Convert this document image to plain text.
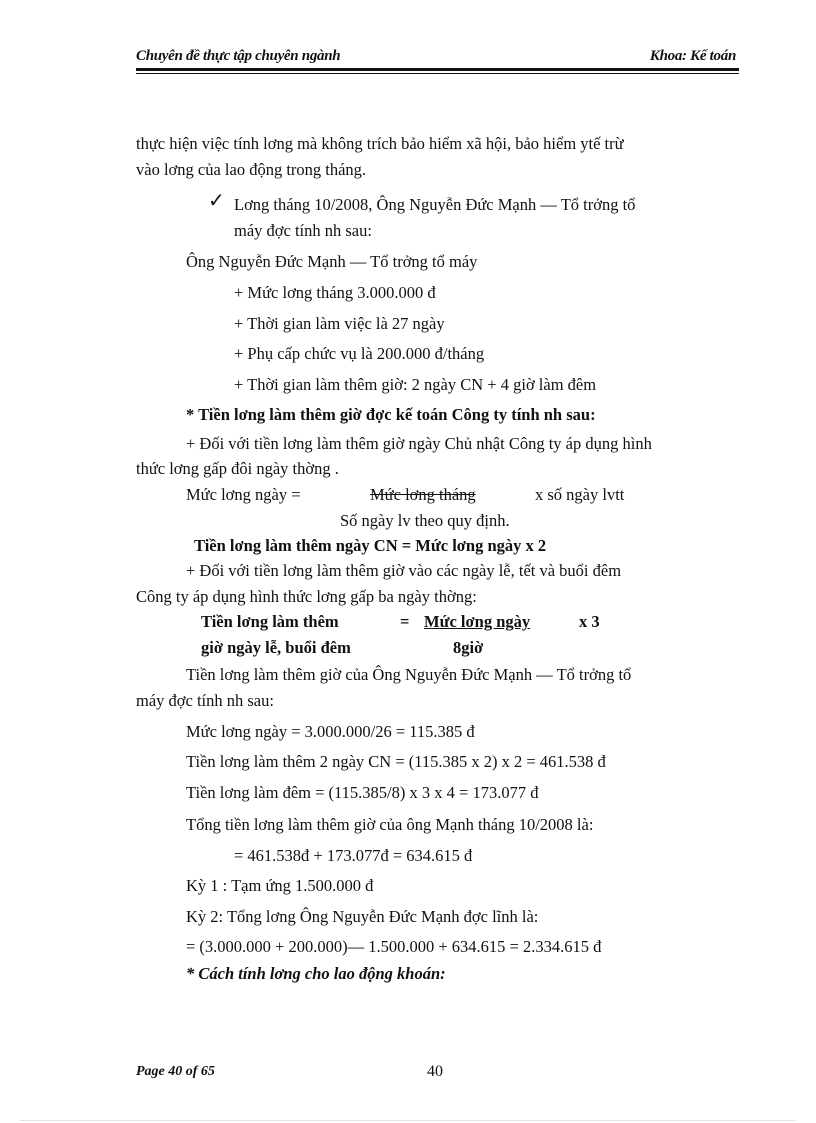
Chuyên đề thực tập chuyên ngành	Khoa: Kế toán
thực hiện việc tính lơng mà không trích bảo hiểm xã hội, bảo hiểm ytế trừ
vào lơng của lao động trong tháng.
✓ Lơng tháng 10/2008, Ông Nguyễn Đức Mạnh — Tổ trởng tổ
máy đợc tính nh sau:
Ông Nguyễn Đức Mạnh — Tổ trởng tổ máy
+ Mức lơng tháng 3.000.000 đ
+ Thời gian làm việc là 27 ngày
+ Phụ cấp chức vụ là 200.000 đ/tháng
+ Thời gian làm thêm giờ: 2 ngày CN + 4 giờ làm đêm
* Tiền lơng làm thêm giờ đợc kế toán Công ty tính nh sau:
+ Đối với tiền lơng làm thêm giờ ngày Chủ nhật Công ty áp dụng hình
thức lơng gấp đôi ngày thờng .
Mức lơng ngày =	Mức lơng tháng	x số ngày lvtt
Số ngày lv theo quy định.
Tiền lơng làm thêm ngày CN = Mức lơng ngày x 2
+ Đối với tiền lơng làm thêm giờ vào các ngày lễ, tết và buổi đêm
Công ty áp dụng hình thức lơng gấp ba ngày thờng:
Tiền lơng làm thêm	= Mức lơng ngày	x 3
giờ ngày lễ, buổi đêm	8giờ
Tiền lơng làm thêm giờ của Ông Nguyễn Đức Mạnh — Tổ trởng tổ
máy đợc tính nh sau:
Mức lơng ngày = 3.000.000/26 = 115.385 đ
Tiền lơng làm thêm 2 ngày CN = (115.385 x 2) x 2 = 461.538 đ
Tiền lơng làm đêm = (115.385/8) x 3 x 4 = 173.077 đ
Tổng tiền lơng làm thêm giờ của ông Mạnh tháng 10/2008 là:
= 461.538đ + 173.077đ = 634.615 đ
Kỳ 1 : Tạm ứng 1.500.000 đ
Kỳ 2: Tổng lơng Ông Nguyễn Đức Mạnh đợc lĩnh là:
= (3.000.000 + 200.000)— 1.500.000 + 634.615 = 2.334.615 đ
* Cách tính lơng cho lao động khoán:
Page 40 of 65	40
